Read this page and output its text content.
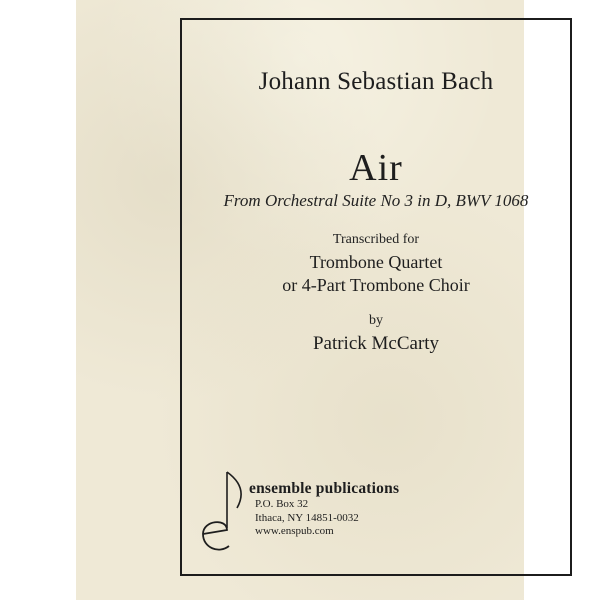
Johann Sebastian Bach
Air
From Orchestral Suite No 3 in D, BWV 1068
Transcribed for
Trombone Quartet
or 4-Part Trombone Choir
by
Patrick McCarty
ensemble publications
P.O. Box 32
Ithaca, NY 14851-0032
www.enspub.com
